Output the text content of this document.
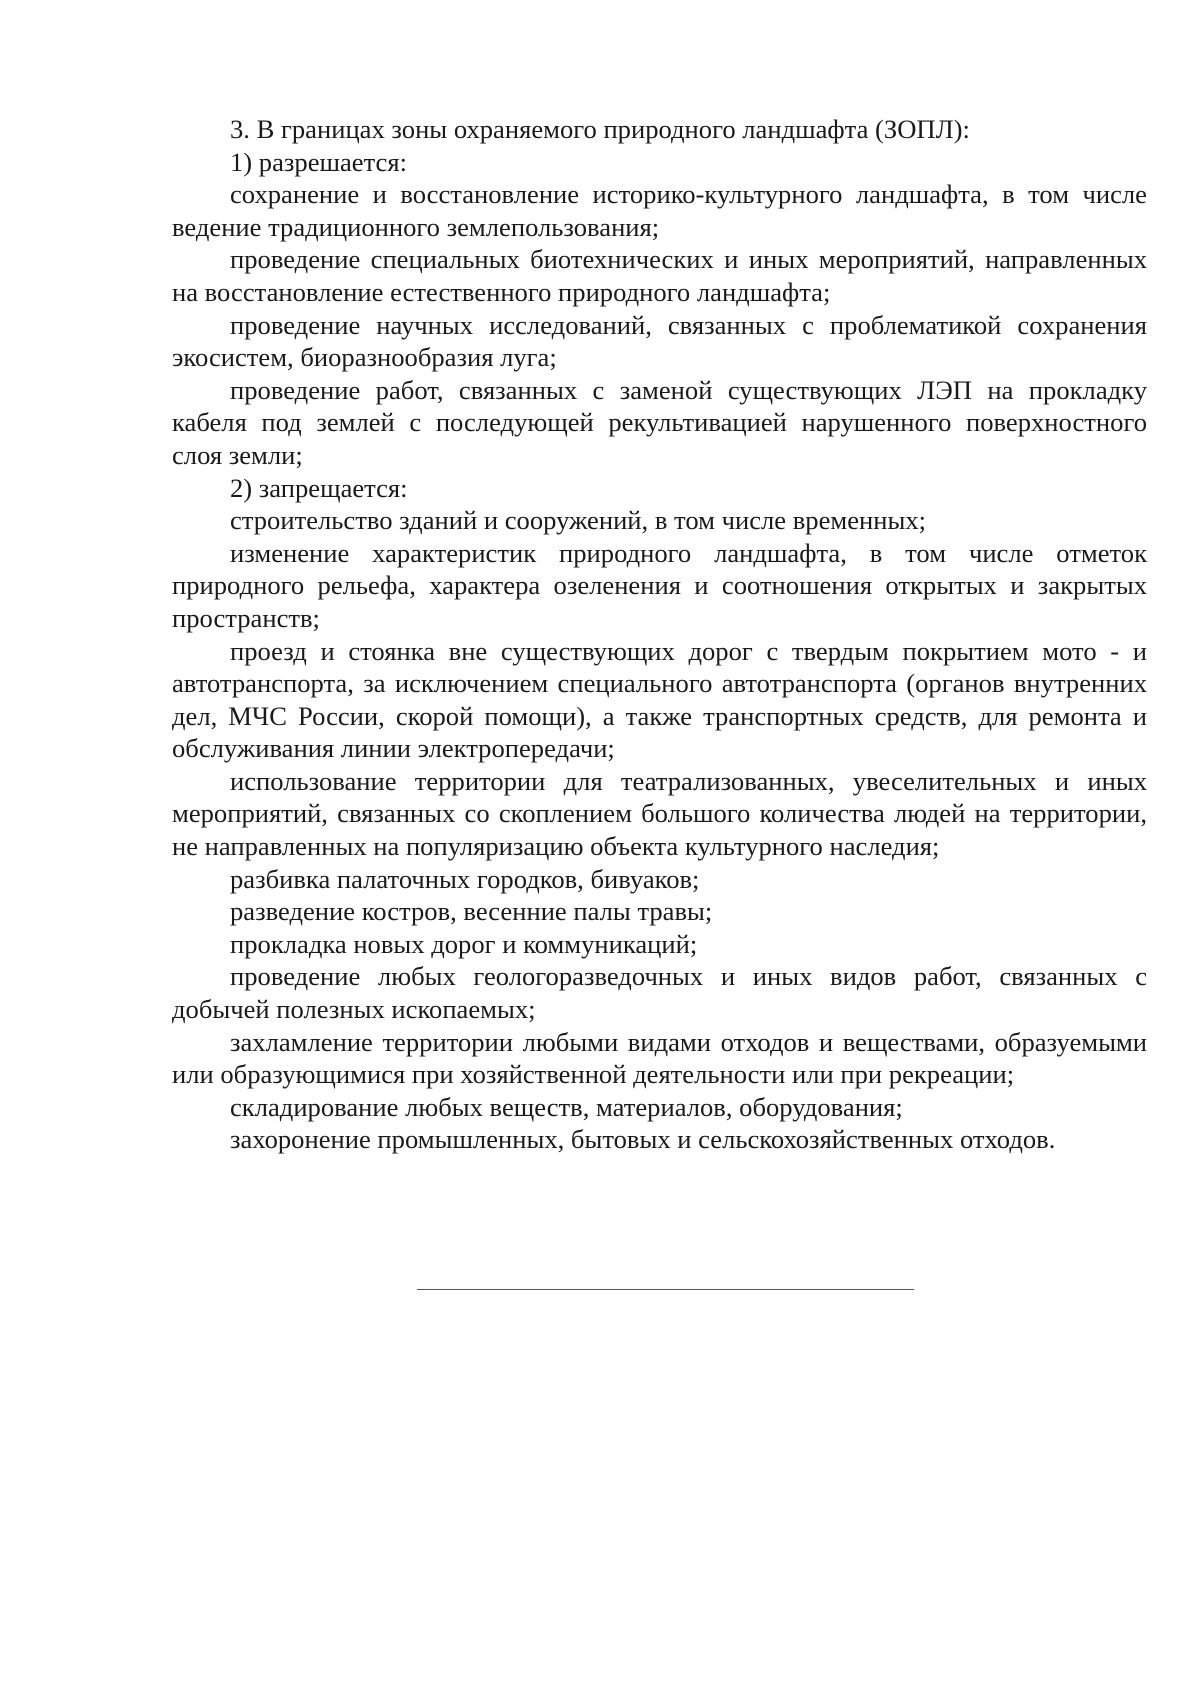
3. В границах зоны охраняемого природного ландшафта (ЗОПЛ):

1) разрешается:

сохранение и восстановление историко-культурного ландшафта, в том числе ведение традиционного землепользования;

проведение специальных биотехнических и иных мероприятий, направленных на восстановление естественного природного ландшафта;

проведение научных исследований, связанных с проблематикой сохранения экосистем, биоразнообразия луга;

проведение работ, связанных с заменой существующих ЛЭП на прокладку кабеля под землей с последующей рекультивацией нарушенного поверхностного слоя земли;

2) запрещается:

строительство зданий и сооружений, в том числе временных;

изменение характеристик природного ландшафта, в том числе отметок природного рельефа, характера озеленения и соотношения открытых и закрытых пространств;

проезд и стоянка вне существующих дорог с твердым покрытием мото - и автотранспорта, за исключением специального автотранспорта (органов внутренних дел, МЧС России, скорой помощи), а также транспортных средств, для ремонта и обслуживания линии электропередачи;

использование территории для театрализованных, увеселительных и иных мероприятий, связанных со скоплением большого количества людей на территории, не направленных на популяризацию объекта культурного наследия;

разбивка палаточных городков, бивуаков;

разведение костров, весенние палы травы;

прокладка новых дорог и коммуникаций;

проведение любых геологоразведочных и иных видов работ, связанных с добычей полезных ископаемых;

захламление территории любыми видами отходов и веществами, образуемыми или образующимися при хозяйственной деятельности или при рекреации;

складирование любых веществ, материалов, оборудования;

захоронение промышленных, бытовых и сельскохозяйственных отходов.
